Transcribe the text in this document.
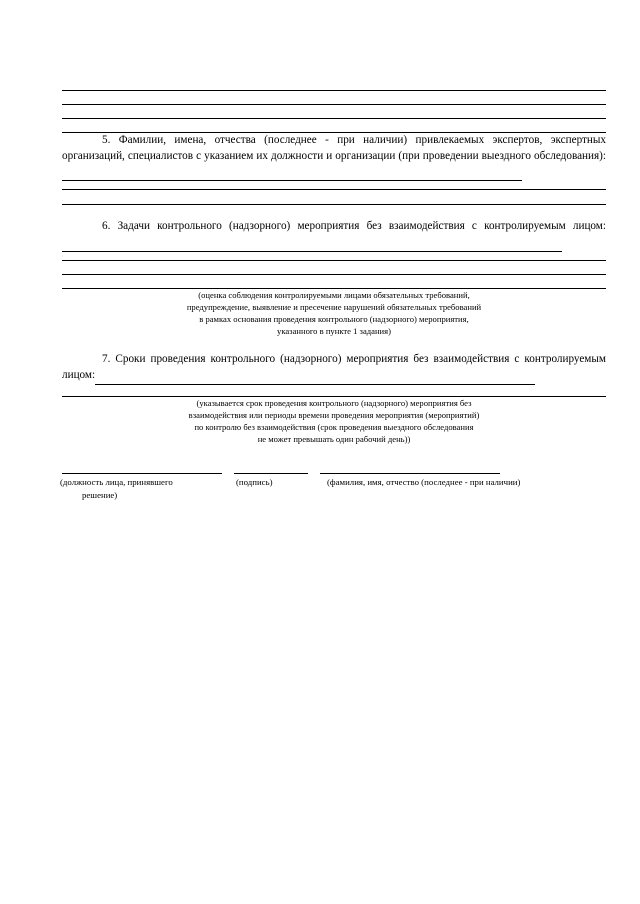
5. Фамилии, имена, отчества (последнее - при наличии) привлекаемых экспертов, экспертных организаций, специалистов с указанием их должности и организации (при проведении выездного обследования):
6. Задачи контрольного (надзорного) мероприятия без взаимодействия с контролируемым лицом:
(оценка соблюдения контролируемыми лицами обязательных требований,
предупреждение, выявление и пресечение нарушений обязательных требований
в рамках основания проведения контрольного (надзорного) мероприятия,
указанного в пункте 1 задания)
7. Сроки проведения контрольного (надзорного) мероприятия без взаимодействия с контролируемым лицом:
(указывается срок проведения контрольного (надзорного) мероприятия без
взаимодействия или периоды времени проведения мероприятия (мероприятий)
по контролю без взаимодействия (срок проведения выездного обследования
не может превышать один рабочий день))
(должность лица, принявшего
решение)
(подпись)	(фамилия, имя, отчество (последнее - при наличии)
